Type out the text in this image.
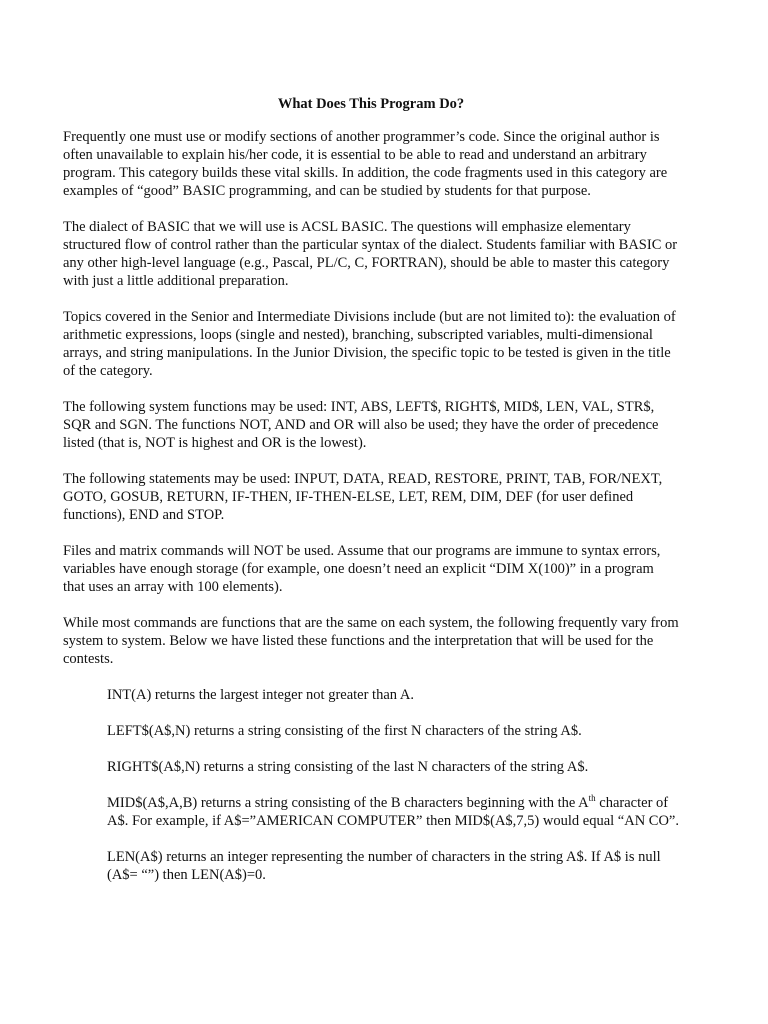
What Does This Program Do?

Frequently one must use or modify sections of another programmer’s code. Since the original author is often unavailable to explain his/her code, it is essential to be able to read and understand an arbitrary program. This category builds these vital skills. In addition, the code fragments used in this category are examples of “good” BASIC programming, and can be studied by students for that purpose.

The dialect of BASIC that we will use is ACSL BASIC. The questions will emphasize elementary structured flow of control rather than the particular syntax of the dialect. Students familiar with BASIC or any other high-level language (e.g., Pascal, PL/C, C, FORTRAN), should be able to master this category with just a little additional preparation.

Topics covered in the Senior and Intermediate Divisions include (but are not limited to): the evaluation of arithmetic expressions, loops (single and nested), branching, subscripted variables, multi-dimensional arrays, and string manipulations. In the Junior Division, the specific topic to be tested is given in the title of the category.

The following system functions may be used: INT, ABS, LEFT$, RIGHT$, MID$, LEN, VAL, STR$, SQR and SGN. The functions NOT, AND and OR will also be used; they have the order of precedence listed (that is, NOT is highest and OR is the lowest).

The following statements may be used: INPUT, DATA, READ, RESTORE, PRINT, TAB, FOR/NEXT, GOTO, GOSUB, RETURN, IF-THEN, IF-THEN-ELSE, LET, REM, DIM, DEF (for user defined functions), END and STOP.

Files and matrix commands will NOT be used. Assume that our programs are immune to syntax errors, variables have enough storage (for example, one doesn’t need an explicit “DIM X(100)” in a program that uses an array with 100 elements).

While most commands are functions that are the same on each system, the following frequently vary from system to system. Below we have listed these functions and the interpretation that will be used for the contests.

INT(A) returns the largest integer not greater than A.

LEFT$(A$,N) returns a string consisting of the first N characters of the string A$.

RIGHT$(A$,N) returns a string consisting of the last N characters of the string A$.

MID$(A$,A,B) returns a string consisting of the B characters beginning with the $A^{th}$ character of A$. For example, if A$=”AMERICAN COMPUTER” then MID$(A$,7,5) would equal “AN CO”.

LEN(A$) returns an integer representing the number of characters in the string A$. If A$ is null (A$= “”) then LEN(A$)=0.
